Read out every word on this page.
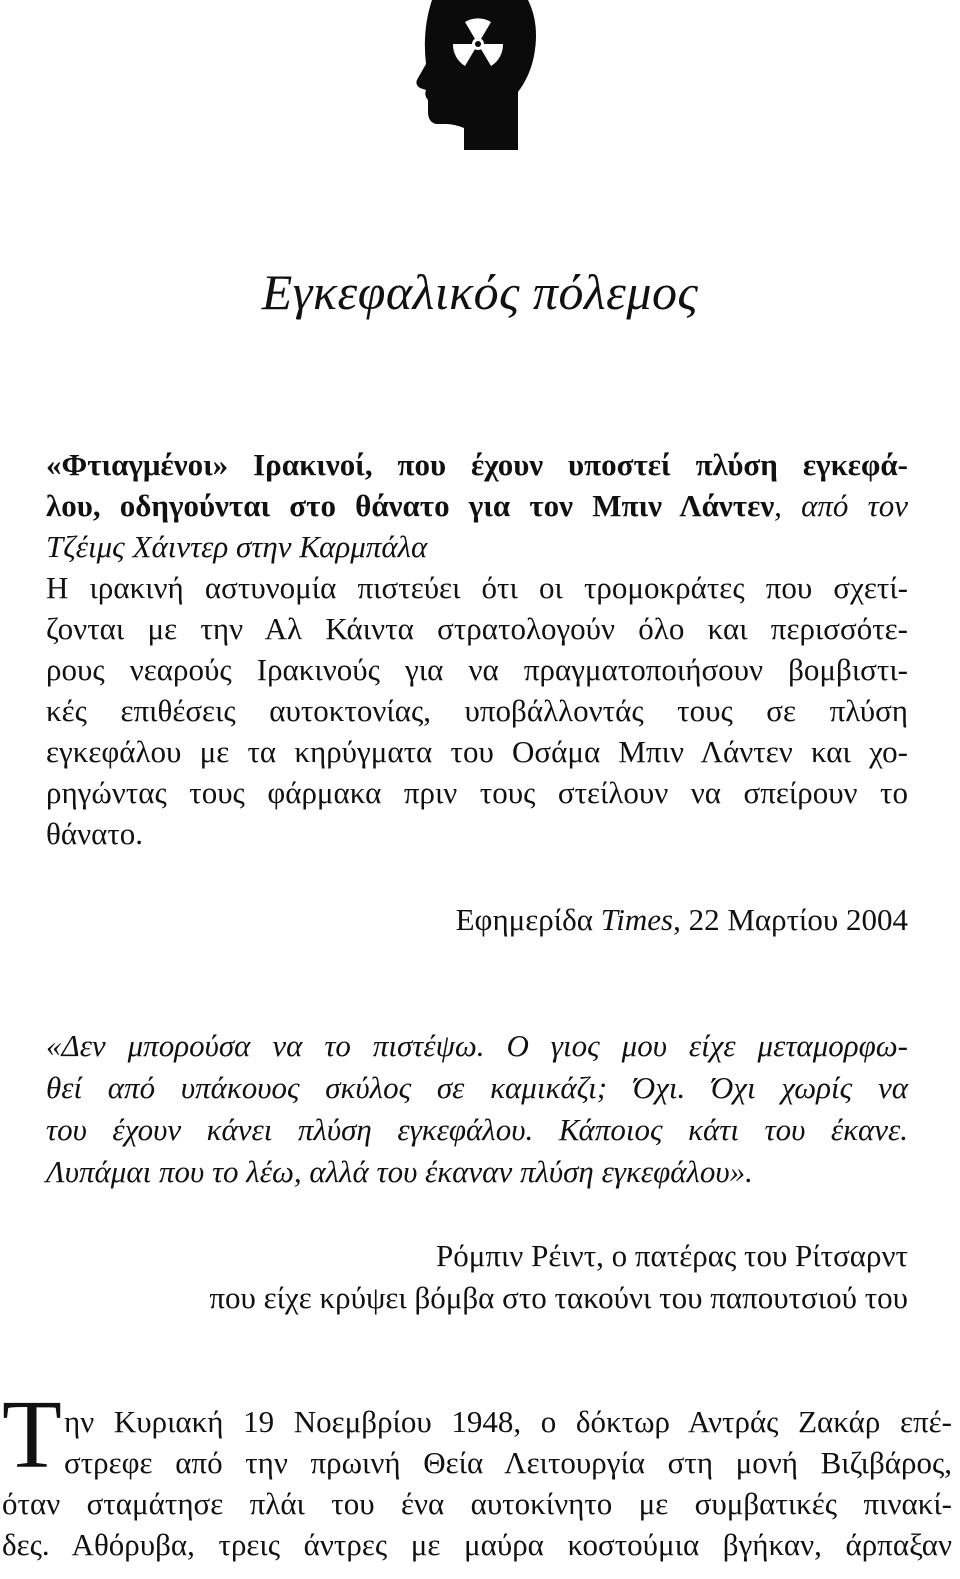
Εγκεφαλικός πόλεμος
«Φτιαγμένοι» Ιρακινοί, που έχουν υποστεί πλύση εγκεφά-
λου, οδηγούνται στο θάνατο για τον Μπιν Λάντεν, από τον
Τζέιμς Χάιντερ στην Καρμπάλα
Η ιρακινή αστυνομία πιστεύει ότι οι τρομοκράτες που σχετί-
ζονται με την Αλ Κάιντα στρατολογούν όλο και περισσότε-
ρους νεαρούς Ιρακινούς για να πραγματοποιήσουν βομβιστι-
κές επιθέσεις αυτοκτονίας, υποβάλλοντάς τους σε πλύση
εγκεφάλου με τα κηρύγματα του Οσάμα Μπιν Λάντεν και χο-
ρηγώντας τους φάρμακα πριν τους στείλουν να σπείρουν το
θάνατο.
Εφημερίδα Times, 22 Μαρτίου 2004
«Δεν μπορούσα να το πιστέψω. Ο γιος μου είχε μεταμορφω-
θεί από υπάκουος σκύλος σε καμικάζι; Όχι. Όχι χωρίς να
του έχουν κάνει πλύση εγκεφάλου. Κάποιος κάτι του έκανε.
Λυπάμαι που το λέω, αλλά του έκαναν πλύση εγκεφάλου».
Ρόμπιν Ρέιντ, ο πατέρας του Ρίτσαρντ
που είχε κρύψει βόμβα στο τακούνι του παπουτσιού του
Τ ην Κυριακή 19 Νοεμβρίου 1948, ο δόκτωρ Αντράς Ζακάρ επέ-
στρεφε από την πρωινή Θεία Λειτουργία στη μονή Βιζιβάρος,
όταν σταμάτησε πλάι του ένα αυτοκίνητο με συμβατικές πινακί-
δες. Αθόρυβα, τρεις άντρες με μαύρα κοστούμια βγήκαν, άρπαξαν
